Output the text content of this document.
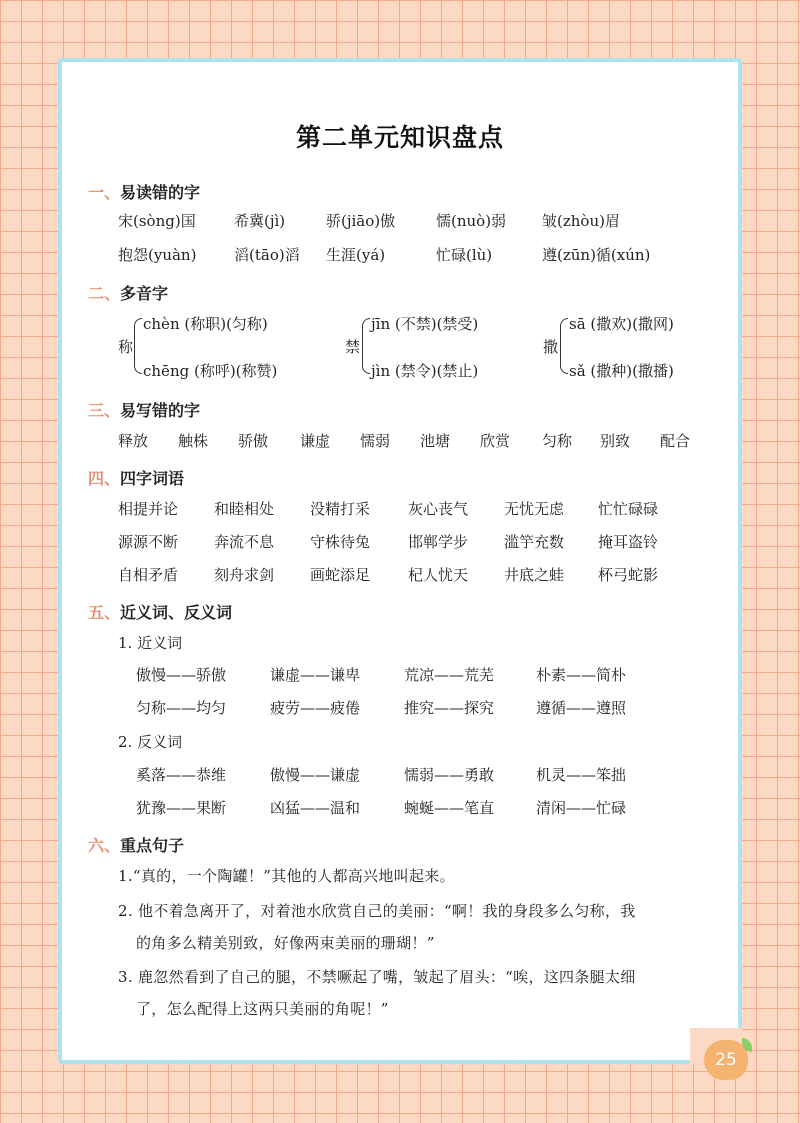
25
第二单元知识盘点
一、易读错的字
宋(sòng)国	希冀(jì)	骄(jiāo)傲	懦(nuò)弱 皱(zhòu)眉
抱怨(yuàn)	滔(tāo)滔 生涯(yá)	忙碌(lù)	遵(zūn)循(xún)
二、多音字
称
chèn (称职)(匀称)
chēng (称呼)(称赞)
禁
jīn (不禁)(禁受)
jìn (禁令)(禁止)
撒
sā (撒欢)(撒网)
sǎ (撒种)(撒播)
三、易写错的字
释放 触株 骄傲 谦虚 懦弱 池塘 欣赏 匀称 别致 配合
四、四字词语
相提并论 和睦相处 没精打采	灰心丧气 无忧无虑 忙忙碌碌
源源不断 奔流不息 守株待兔	邯郸学步 滥竽充数 掩耳盗铃
自相矛盾 刻舟求剑 画蛇添足	杞人忧天 井底之蛙 杯弓蛇影
五、近义词、反义词
1. 近义词
傲慢——骄傲	谦虚——谦卑	荒凉——荒芜	朴素——简朴
匀称——均匀	疲劳——疲倦	推究——探究	遵循——遵照
2. 反义词
奚落——恭维	傲慢——谦虚	懦弱——勇敢	机灵——笨拙
犹豫——果断	凶猛——温和	蜿蜒——笔直	清闲——忙碌
六、重点句子
1.“真的，一个陶罐！”其他的人都高兴地叫起来。
2. 他不着急离开了，对着池水欣赏自己的美丽：“啊！我的身段多么匀称，我
的角多么精美别致，好像两束美丽的珊瑚！”
3. 鹿忽然看到了自己的腿，不禁噘起了嘴，皱起了眉头：“唉，这四条腿太细
了，怎么配得上这两只美丽的角呢！”
